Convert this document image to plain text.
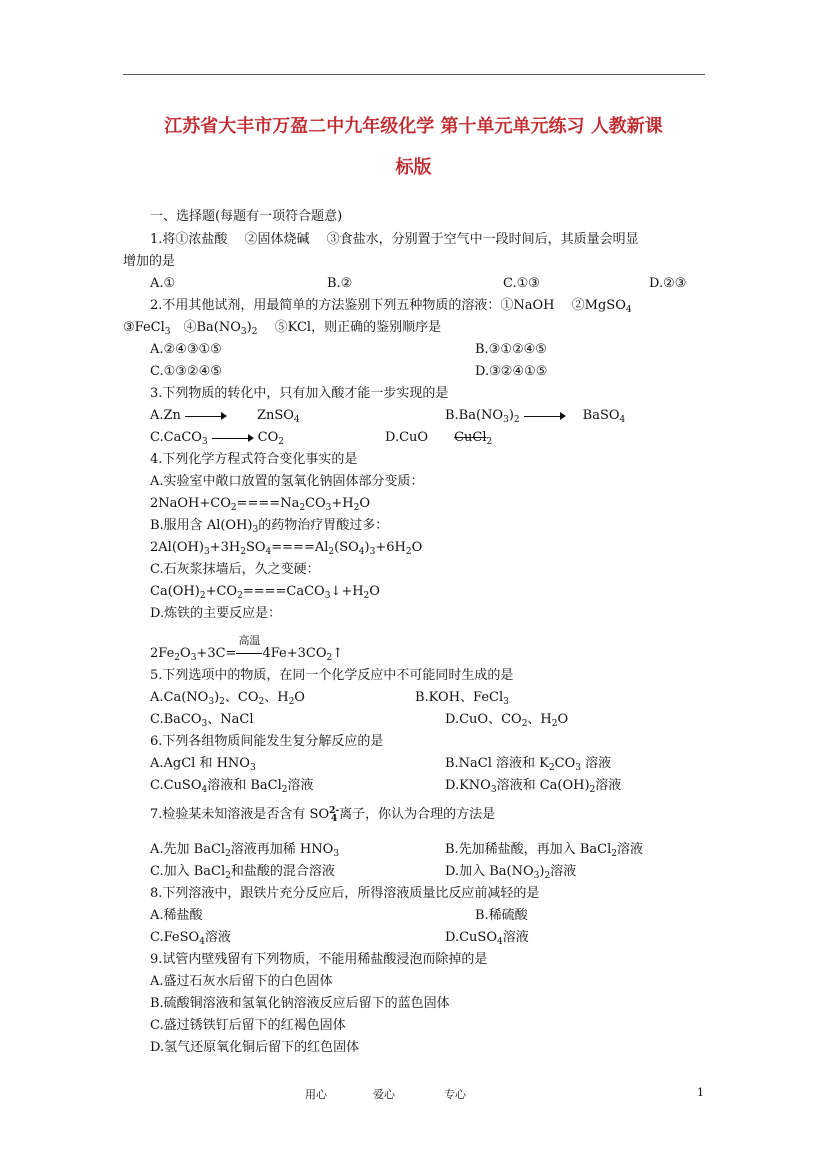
江苏省大丰市万盈二中九年级化学 第十单元单元练习 人教新课
标版
一、选择题(每题有一项符合题意)
1.将①浓盐酸　 ②固体烧碱　 ③食盐水，分别置于空气中一段时间后，其质量会明显
增加的是
A.①	B.②	C.①③	D.②③
2.不用其他试剂，用最简单的方法鉴别下列五种物质的溶液：①NaOH　 ②MgSO$_4$
③FeCl$_3$　$④Ba(NO_3)_2$　 ⑤KCl，则正确的鉴别顺序是
A.②④③①⑤	B.③①②④⑤
C.①③②④⑤	D.③②④①⑤
3.下列物质的转化中，只有加入酸才能一步实现的是
A.Zn　　	ZnSO$_4$	$B.Ba(NO_3)_2$　	BaSO$_4$
C.CaCO$_3$	$CO_2$	D.CuO　　 CuCl$_2$
4.下列化学方程式符合变化事实的是
A.实验室中敞口放置的氢氧化钠固体部分变质：
$2NaOH+CO_2====Na_2CO_3+H_2O$
B.服用含 $Al(OH)_3$的药物治疗胃酸过多：
$2Al(OH)_3+3H_2SO_4====Al_2(SO_4)_3+6H_2O$
C.石灰浆抹墙后，久之变硬：
$Ca(OH)_2+CO_2====CaCO_3↓+H_2O$
D.炼铁的主要反应是：
$2Fe_2O_3+3C=$
高温
$4Fe+3CO_2↑$
5.下列选项中的物质，在同一个化学反应中不可能同时生成的是
$A.Ca(NO_3)_2$、$CO_2$、$H_2O$	B.KOH、FeCl$_3$
C.BaCO$_3$、NaCl	D.CuO、$CO_2$、$H_2O$
6.下列各组物质间能发生复分解反应的是
A.AgCl 和 $HNO_3$	B.NaCl 溶液和 $K_2CO_3$ 溶液
C.CuSO$_4$溶液和 BaCl$_2$溶液	$D.KNO_3$溶液和 $Ca(OH)_2$溶液
7.检验某未知溶液是否含有 SO2-
4 离子，你认为合理的方法是
A.先加 BaCl$_2$溶液再加稀 $HNO_3$	B.先加稀盐酸，再加入 BaCl$_2$溶液
C.加入 BaCl$_2$和盐酸的混合溶液	D.加入 $Ba(NO_3)_2$溶液
8.下列溶液中，跟铁片充分反应后，所得溶液质量比反应前减轻的是
A.稀盐酸	B.稀硫酸
C.FeSO$_4$溶液	D.CuSO$_4$溶液
9.试管内壁残留有下列物质，不能用稀盐酸浸泡而除掉的是
A.盛过石灰水后留下的白色固体
B.硫酸铜溶液和氢氧化钠溶液反应后留下的蓝色固体
C.盛过锈铁钉后留下的红褐色固体
D.氢气还原氧化铜后留下的红色固体
用心	爱心	专心	1
